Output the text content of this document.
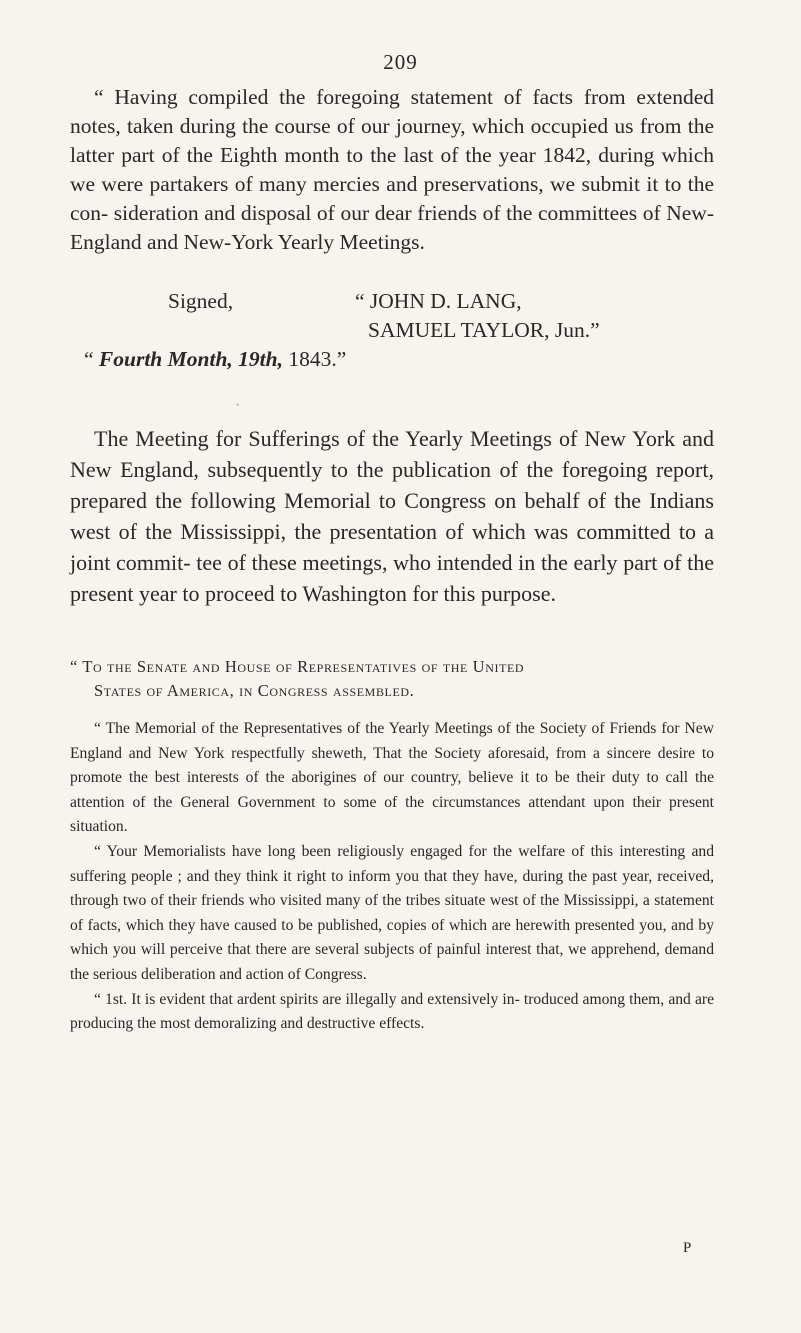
209

“ Having compiled the foregoing statement of facts from extended notes, taken during the course of our journey, which occupied us from the latter part of the Eighth month to the last of the year 1842, during which we were partakers of many mercies and preservations, we submit it to the con- sideration and disposal of our dear friends of the committees of New-England and New-York Yearly Meetings.

Signed,	“ JOHN D. LANG,
SAMUEL TAYLOR, Jun.”
“ Fourth Month, 19th, 1843.”
•

The Meeting for Sufferings of the Yearly Meetings of New York and New England, subsequently to the publication of the foregoing report, prepared the following Memorial to Congress on behalf of the Indians west of the Mississippi, the presentation of which was committed to a joint commit- tee of these meetings, who intended in the early part of the present year to proceed to Washington for this purpose.

“ To the Senate and House of Representatives of the United
States of America, in Congress assembled.

“ The Memorial of the Representatives of the Yearly Meetings of the Society of Friends for New England and New York respectfully sheweth, That the Society aforesaid, from a sincere desire to promote the best interests of the aborigines of our country, believe it to be their duty to call the attention of the General Government to some of the circumstances attendant upon their present situation.

“ Your Memorialists have long been religiously engaged for the welfare of this interesting and suffering people ; and they think it right to inform you that they have, during the past year, received, through two of their friends who visited many of the tribes situate west of the Mississippi, a statement of facts, which they have caused to be published, copies of which are herewith presented you, and by which you will perceive that there are several subjects of painful interest that, we apprehend, demand the serious deliberation and action of Congress.

“ 1st. It is evident that ardent spirits are illegally and extensively in- troduced among them, and are producing the most demoralizing and destructive effects.

P
